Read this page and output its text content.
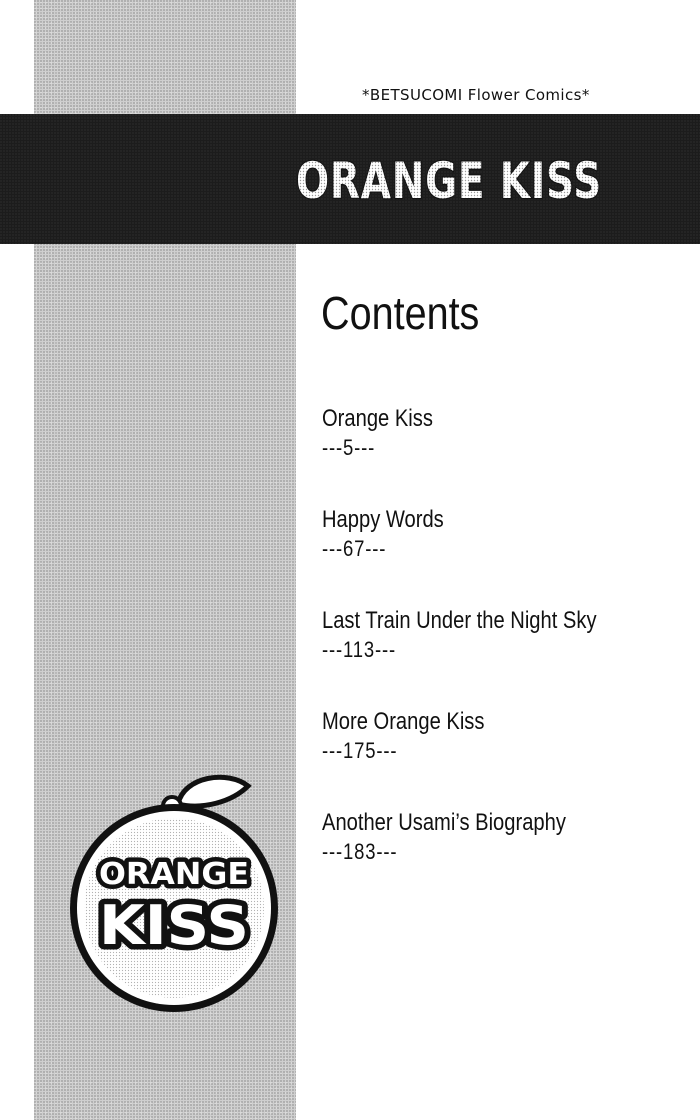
*BETSUCOMI Flower Comics*
ORANGE KISS
Contents
Orange Kiss
---5---
Happy Words
---67---
Last Train Under the Night Sky
---113---
More Orange Kiss
---175---
Another Usami’s Biography
---183---
ORANGE
KISS
